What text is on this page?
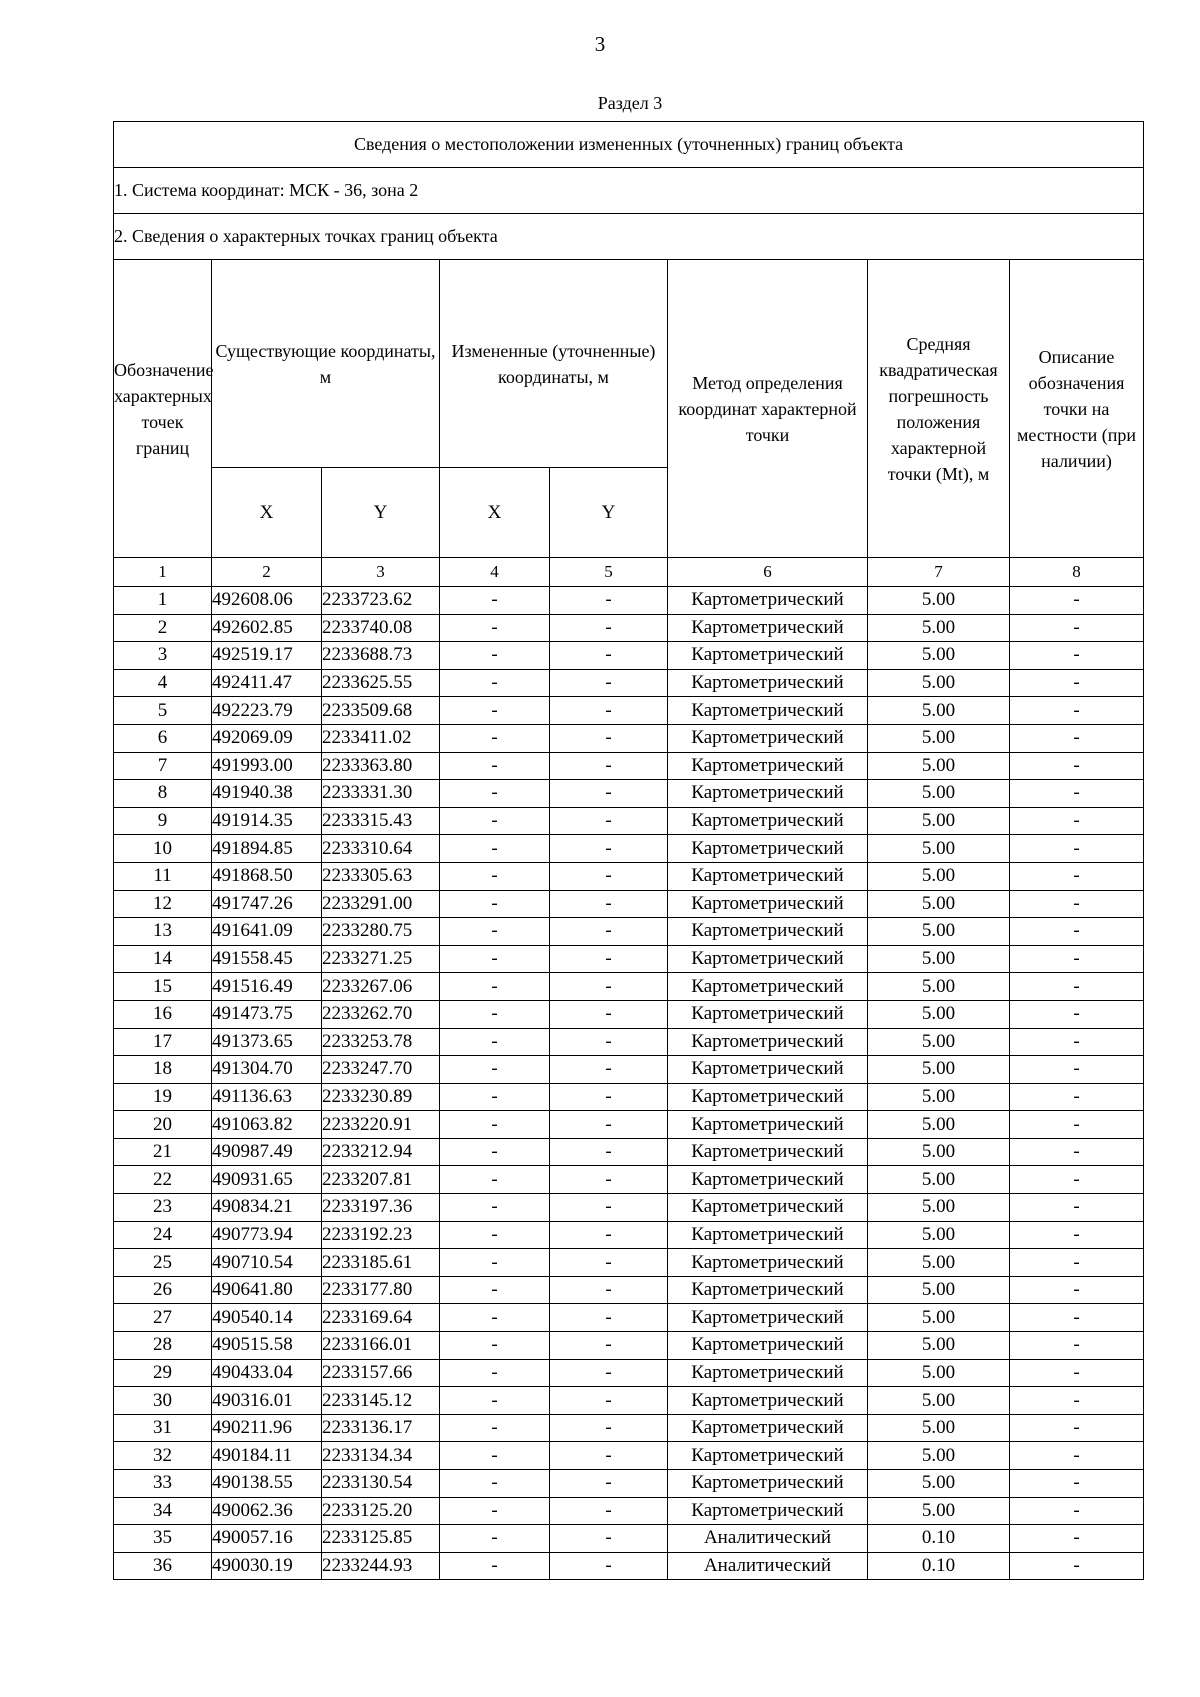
3
Раздел 3
Сведения о местоположении измененных (уточненных) границ объекта							
1. Система координат: МСК - 36, зона 2							
2. Сведения о характерных точках границ объекта							
Обозначение характерных точек границ	Существующие координаты, м		Измененные (уточненные) координаты, м		Метод определения координат характерной точки	Средняя квадратическая погрешность положения характерной точки (Mt), м	Описание обозначения точки на местности (при наличии)
	X	Y	X	Y			
1	2	3	4	5	6	7	8
1	492608.06	2233723.62	-	-	Картометрический	5.00	-
2	492602.85	2233740.08	-	-	Картометрический	5.00	-
3	492519.17	2233688.73	-	-	Картометрический	5.00	-
4	492411.47	2233625.55	-	-	Картометрический	5.00	-
5	492223.79	2233509.68	-	-	Картометрический	5.00	-
6	492069.09	2233411.02	-	-	Картометрический	5.00	-
7	491993.00	2233363.80	-	-	Картометрический	5.00	-
8	491940.38	2233331.30	-	-	Картометрический	5.00	-
9	491914.35	2233315.43	-	-	Картометрический	5.00	-
10	491894.85	2233310.64	-	-	Картометрический	5.00	-
11	491868.50	2233305.63	-	-	Картометрический	5.00	-
12	491747.26	2233291.00	-	-	Картометрический	5.00	-
13	491641.09	2233280.75	-	-	Картометрический	5.00	-
14	491558.45	2233271.25	-	-	Картометрический	5.00	-
15	491516.49	2233267.06	-	-	Картометрический	5.00	-
16	491473.75	2233262.70	-	-	Картометрический	5.00	-
17	491373.65	2233253.78	-	-	Картометрический	5.00	-
18	491304.70	2233247.70	-	-	Картометрический	5.00	-
19	491136.63	2233230.89	-	-	Картометрический	5.00	-
20	491063.82	2233220.91	-	-	Картометрический	5.00	-
21	490987.49	2233212.94	-	-	Картометрический	5.00	-
22	490931.65	2233207.81	-	-	Картометрический	5.00	-
23	490834.21	2233197.36	-	-	Картометрический	5.00	-
24	490773.94	2233192.23	-	-	Картометрический	5.00	-
25	490710.54	2233185.61	-	-	Картометрический	5.00	-
26	490641.80	2233177.80	-	-	Картометрический	5.00	-
27	490540.14	2233169.64	-	-	Картометрический	5.00	-
28	490515.58	2233166.01	-	-	Картометрический	5.00	-
29	490433.04	2233157.66	-	-	Картометрический	5.00	-
30	490316.01	2233145.12	-	-	Картометрический	5.00	-
31	490211.96	2233136.17	-	-	Картометрический	5.00	-
32	490184.11	2233134.34	-	-	Картометрический	5.00	-
33	490138.55	2233130.54	-	-	Картометрический	5.00	-
34	490062.36	2233125.20	-	-	Картометрический	5.00	-
35	490057.16	2233125.85	-	-	Аналитический	0.10	-
36	490030.19	2233244.93	-	-	Аналитический	0.10	-
